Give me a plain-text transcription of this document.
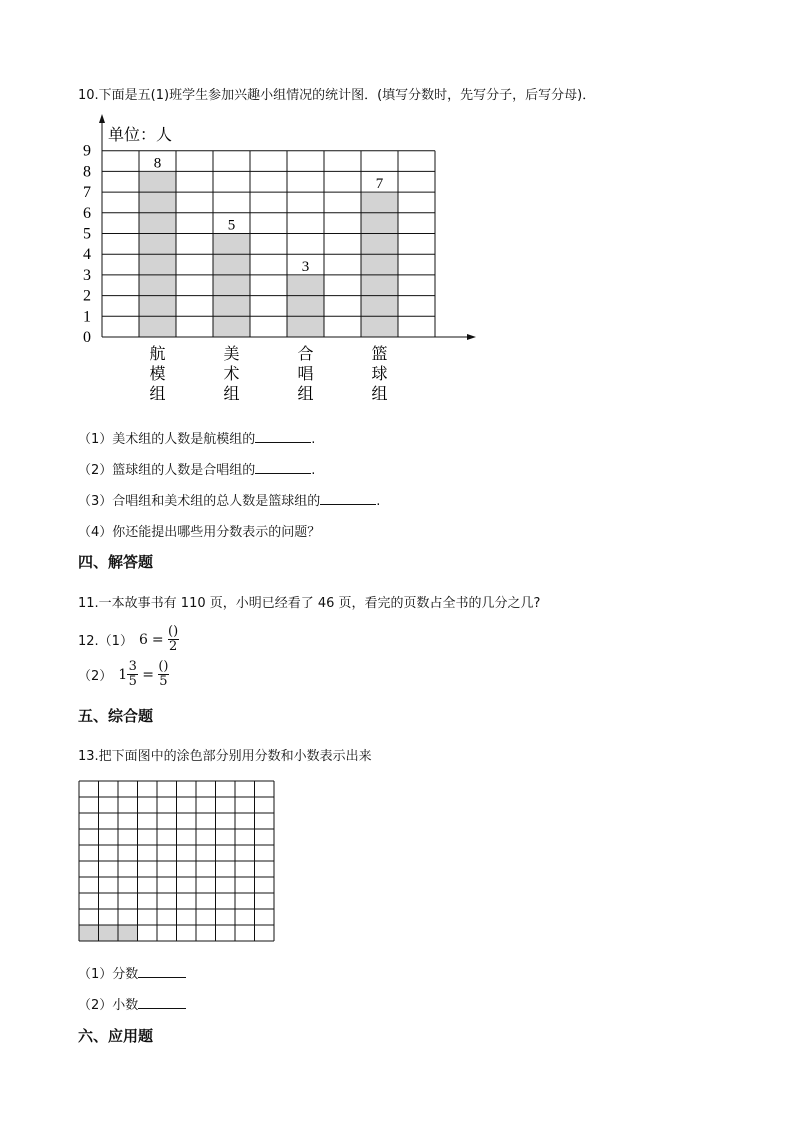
10.下面是五(1)班学生参加兴趣小组情况的统计图．(填写分数时，先写分子，后写分母)．
8
航
模
组
5
美
术
组
3
合
唱
组
7
篮
球
组
0
1
2
3
4
5
6
7
8
9
单位：人
（1）美术组的人数是航模组的	.
（2）篮球组的人数是合唱组的	.
（3）合唱组和美术组的总人数是篮球组的	.
（4）你还能提出哪些用分数表示的问题？
四、解答题
11.一本故事书有 110 页，小明已经看了 46 页，看完的页数占全书的几分之几?
12.（1） $6 = \frac{()}{2}$
（2） $1 \frac{3}{5} = \frac{()}{5}$
五、综合题
13.把下面图中的涂色部分别用分数和小数表示出来
（1）分数
（2）小数
六、应用题
